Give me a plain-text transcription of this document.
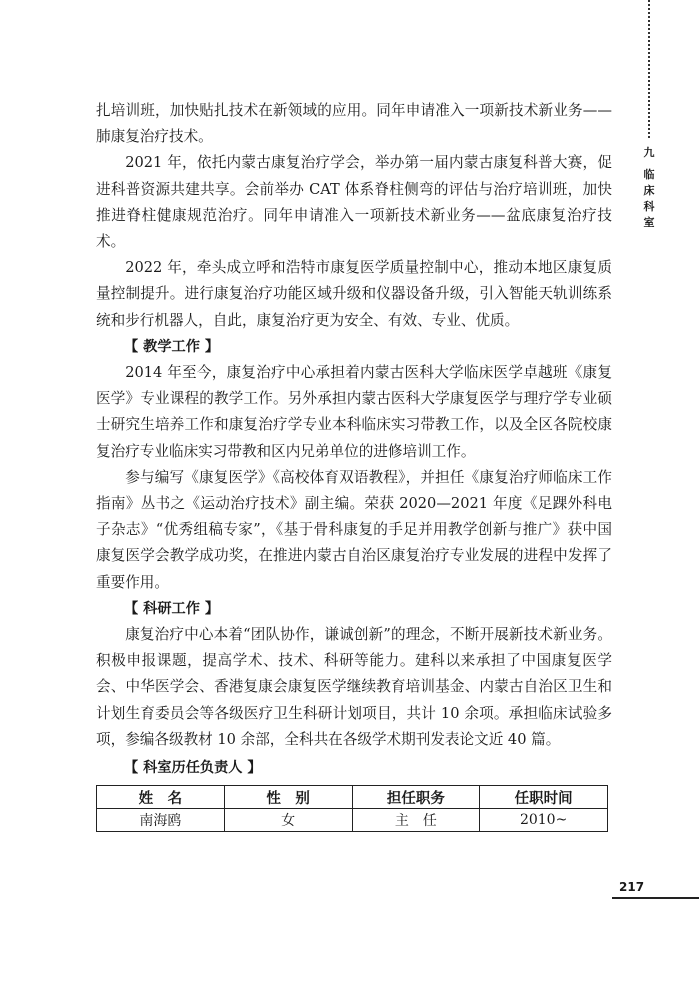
九
临床科室

扎培训班，加快贴扎技术在新领域的应用。同年申请准入一项新技术新业务——肺康复治疗技术。

2021 年，依托内蒙古康复治疗学会，举办第一届内蒙古康复科普大赛，促进科普资源共建共享。会前举办 CAT 体系脊柱侧弯的评估与治疗培训班，加快推进脊柱健康规范治疗。同年申请准入一项新技术新业务——盆底康复治疗技术。

2022 年，牵头成立呼和浩特市康复医学质量控制中心，推动本地区康复质量控制提升。进行康复治疗功能区域升级和仪器设备升级，引入智能天轨训练系统和步行机器人，自此，康复治疗更为安全、有效、专业、优质。

【 教学工作 】

2014 年至今，康复治疗中心承担着内蒙古医科大学临床医学卓越班《康复医学》专业课程的教学工作。另外承担内蒙古医科大学康复医学与理疗学专业硕士研究生培养工作和康复治疗学专业本科临床实习带教工作，以及全区各院校康复治疗专业临床实习带教和区内兄弟单位的进修培训工作。

参与编写《康复医学》《高校体育双语教程》，并担任《康复治疗师临床工作指南》丛书之《运动治疗技术》副主编。荣获 2020—2021 年度《足踝外科电子杂志》“优秀组稿专家”，《基于骨科康复的手足并用教学创新与推广》获中国康复医学会教学成功奖，在推进内蒙古自治区康复治疗专业发展的进程中发挥了重要作用。

【 科研工作 】

康复治疗中心本着“团队协作，谦诚创新”的理念，不断开展新技术新业务。积极申报课题，提高学术、技术、科研等能力。建科以来承担了中国康复医学会、中华医学会、香港复康会康复医学继续教育培训基金、内蒙古自治区卫生和计划生育委员会等各级医疗卫生科研计划项目，共计 10 余项。承担临床试验多项，参编各级教材 10 余部，全科共在各级学术期刊发表论文近 40 篇。

【 科室历任负责人 】

姓　名	性　别	担任职务	任职时间
南海鸥	女	主　任	2010~
217
